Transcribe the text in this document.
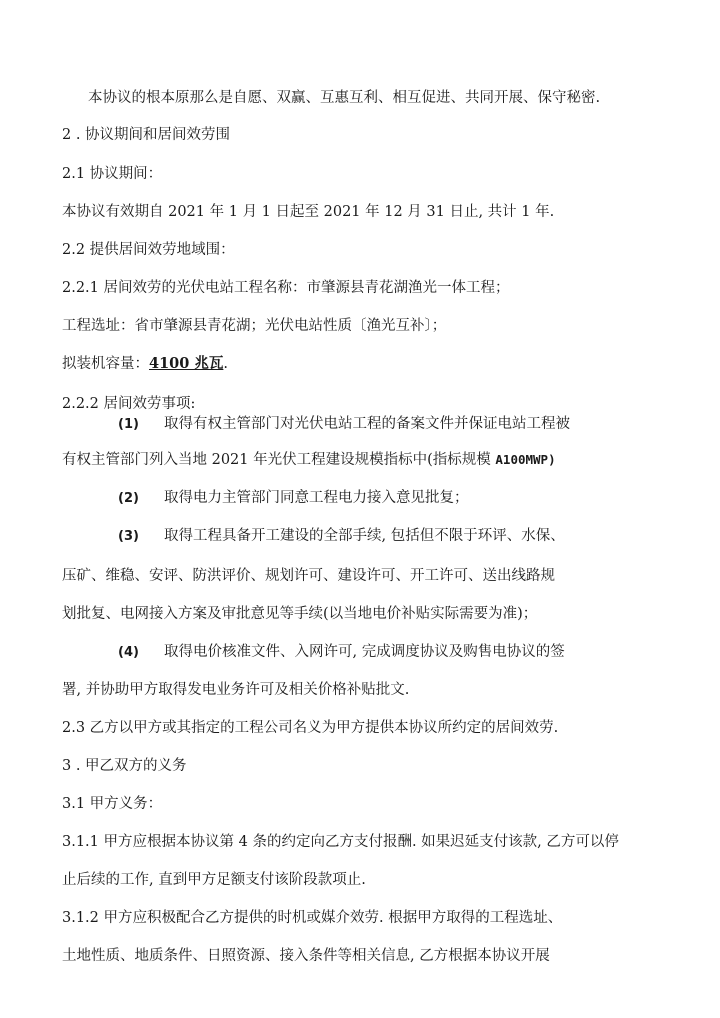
本协议的根本原那么是自愿、双赢、互惠互利、相互促进、共同开展、保守秘密.
2 . 协议期间和居间效劳围
2.1 协议期间：
本协议有效期自 2021 年 1 月 1 日起至 2021 年 12 月 31 日止, 共计 1 年.
2.2 提供居间效劳地域围：
2.2.1 居间效劳的光伏电站工程名称：市肇源县青花湖渔光一体工程；
工程选址：省市肇源县青花湖；光伏电站性质〔渔光互补〕；
拟装机容量：4100 兆瓦.
2.2.2 居间效劳事项:
(1) 取得有权主管部门对光伏电站工程的备案文件并保证电站工程被
有权主管部门列入当地 2021 年光伏工程建设规模指标中(指标规模 A100MWP)
(2) 取得电力主管部门同意工程电力接入意见批复；
(3) 取得工程具备开工建设的全部手续, 包括但不限于环评、水保、
压矿、维稳、安评、防洪评价、规划许可、建设许可、开工许可、送出线路规
划批复、电网接入方案及审批意见等手续(以当地电价补贴实际需要为准)；
(4) 取得电价核准文件、入网许可, 完成调度协议及购售电协议的签
署, 并协助甲方取得发电业务许可及相关价格补贴批文.
2.3 乙方以甲方或其指定的工程公司名义为甲方提供本协议所约定的居间效劳.
3 . 甲乙双方的义务
3.1 甲方义务：
3.1.1 甲方应根据本协议第 4 条的约定向乙方支付报酬. 如果迟延支付该款, 乙方可以停
止后续的工作, 直到甲方足额支付该阶段款项止.
3.1.2 甲方应积极配合乙方提供的时机或媒介效劳. 根据甲方取得的工程选址、
土地性质、地质条件、日照资源、接入条件等相关信息, 乙方根据本协议开展
